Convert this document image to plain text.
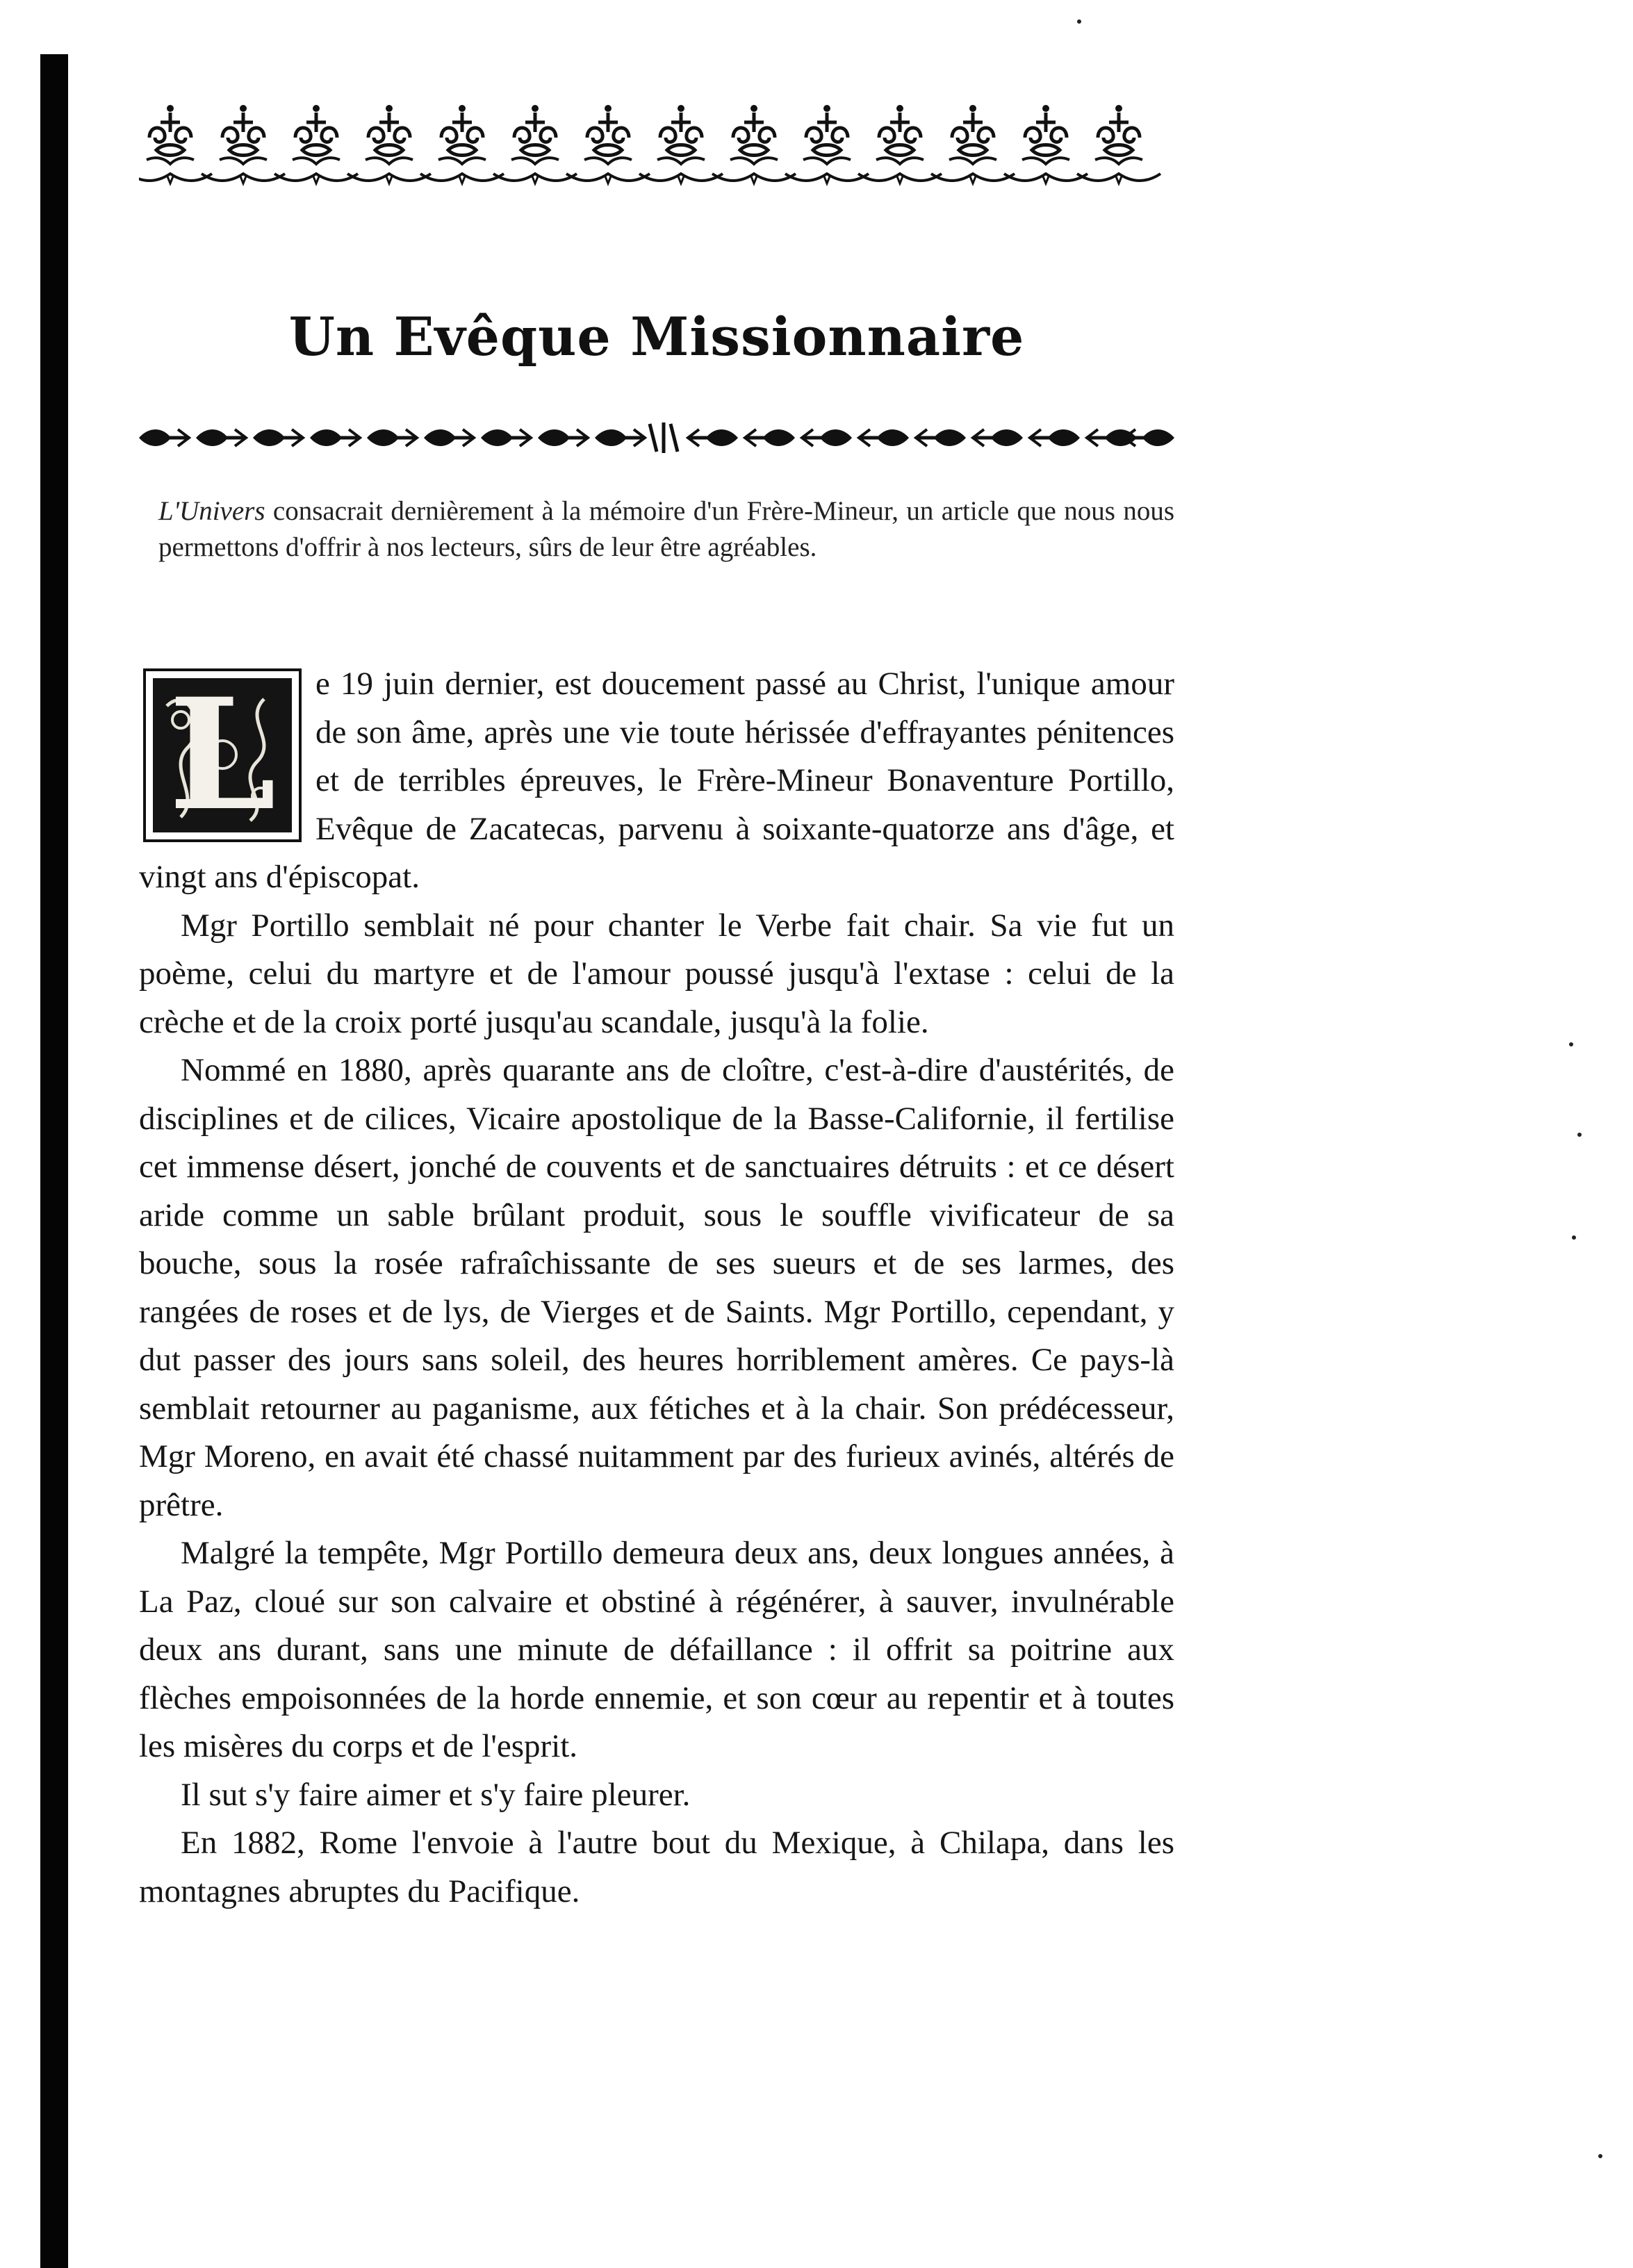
Un Evêque Missionnaire
L'Univers consacrait dernièrement à la mémoire d'un Frère-Mineur, un article que nous nous permettons d'offrir à nos lecteurs, sûrs de leur être agréables.

L e 19 juin dernier, est doucement passé au Christ, l'unique amour de son âme, après une vie toute hérissée d'effrayantes pénitences et de terribles épreuves, le Frère-Mineur Bonaventure Portillo, Evêque de Zacatecas, parvenu à soixante-quatorze ans d'âge, et vingt ans d'épiscopat.

Mgr Portillo semblait né pour chanter le Verbe fait chair. Sa vie fut un poème, celui du martyre et de l'amour poussé jusqu'à l'extase : celui de la crèche et de la croix porté jusqu'au scandale, jusqu'à la folie.

Nommé en 1880, après quarante ans de cloître, c'est-à-dire d'austérités, de disciplines et de cilices, Vicaire apostolique de la Basse-Californie, il fertilise cet immense désert, jonché de couvents et de sanctuaires détruits : et ce désert aride comme un sable brûlant produit, sous le souffle vivificateur de sa bouche, sous la rosée rafraîchissante de ses sueurs et de ses larmes, des rangées de roses et de lys, de Vierges et de Saints. Mgr Portillo, cependant, y dut passer des jours sans soleil, des heures horriblement amères. Ce pays-là semblait retourner au paganisme, aux fétiches et à la chair. Son prédécesseur, Mgr Moreno, en avait été chassé nuitamment par des furieux avinés, altérés de prêtre.

Malgré la tempête, Mgr Portillo demeura deux ans, deux longues années, à La Paz, cloué sur son calvaire et obstiné à régénérer, à sauver, invulnérable deux ans durant, sans une minute de défaillance : il offrit sa poitrine aux flèches empoisonnées de la horde ennemie, et son cœur au repentir et à toutes les misères du corps et de l'esprit.

Il sut s'y faire aimer et s'y faire pleurer.

En 1882, Rome l'envoie à l'autre bout du Mexique, à Chilapa, dans les montagnes abruptes du Pacifique.
